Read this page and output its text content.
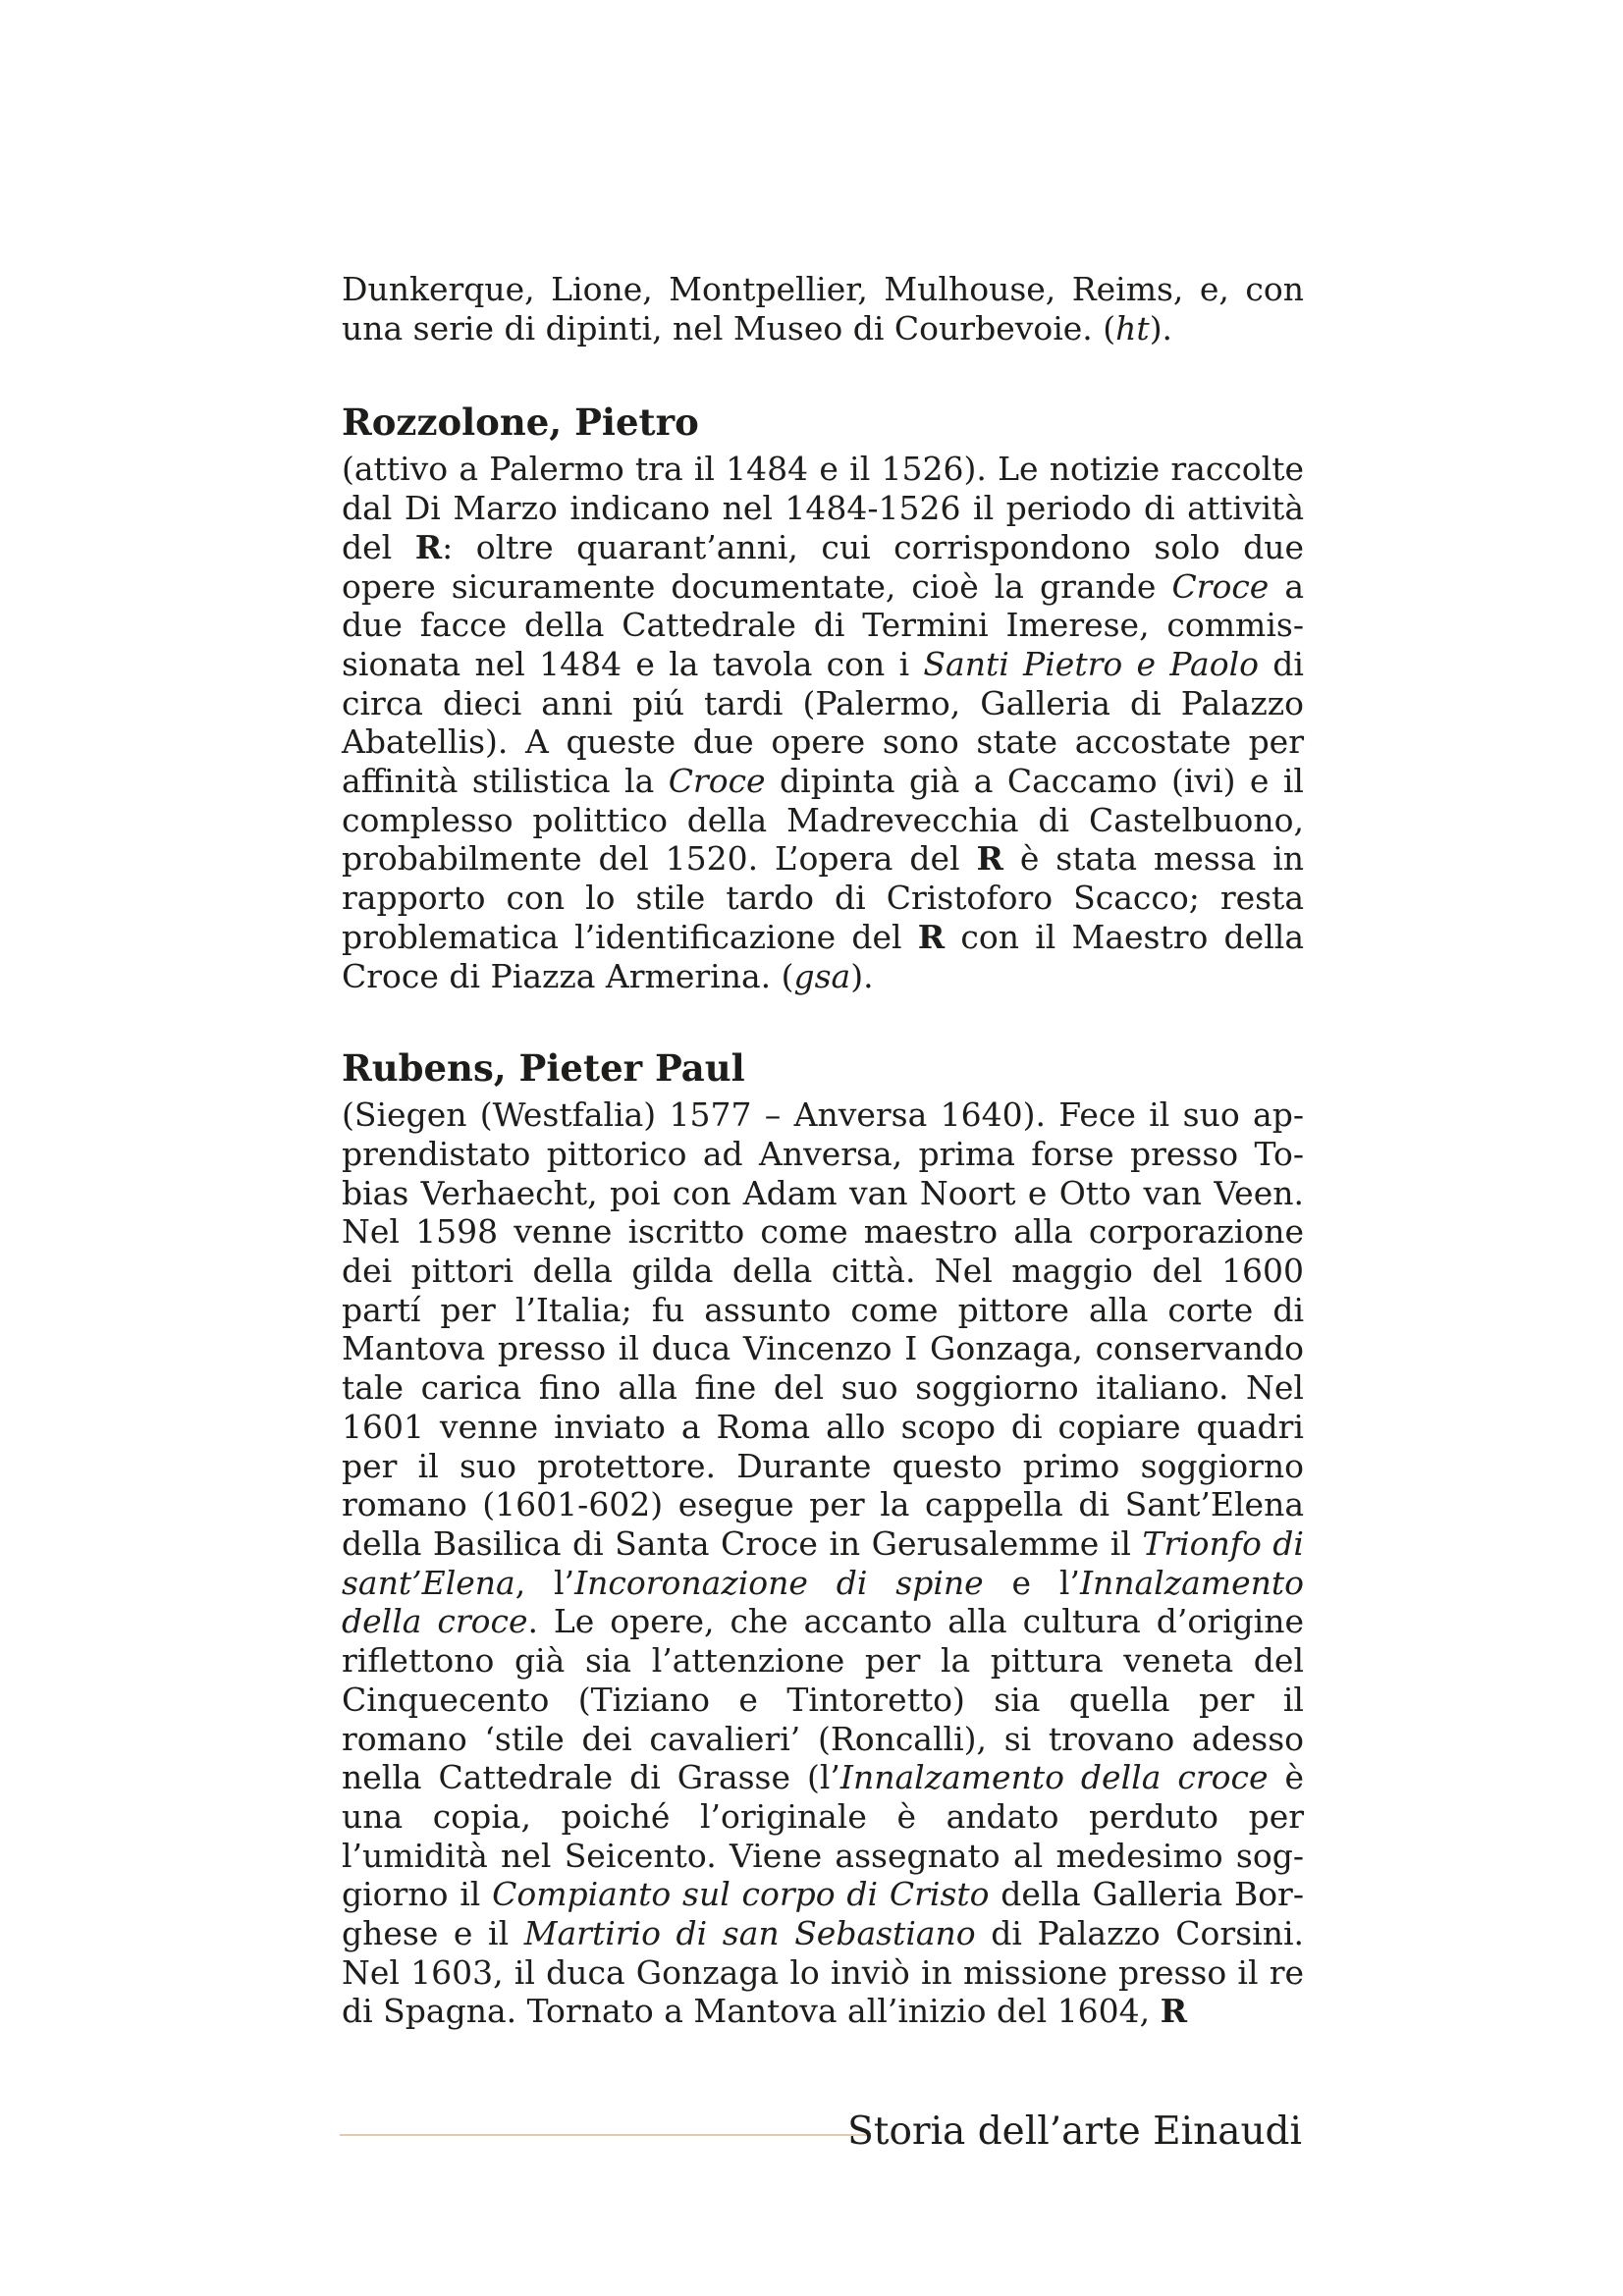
Dunkerque, Lione, Montpellier, Mulhouse, Reims, e, con una serie di dipinti, nel Museo di Courbevoie. (ht).

Rozzolone, Pietro

(attivo a Palermo tra il 1484 e il 1526). Le notizie raccolte dal Di Marzo indicano nel 1484-1526 il periodo di attività del R: oltre quarant’anni, cui corrispondono solo due opere sicuramente documentate, cioè la grande Croce a due facce della Cattedrale di Termini Imerese, commissionata nel 1484 e la tavola con i Santi Pietro e Paolo di circa dieci anni piú tardi (Palermo, Galleria di Palazzo Abatellis). A queste due opere sono state accostate per affinità stilistica la Croce dipinta già a Caccamo (ivi) e il complesso polittico della Madrevecchia di Castelbuono, probabilmente del 1520. L’opera del R è stata messa in rapporto con lo stile tardo di Cristoforo Scacco; resta problematica l’identificazione del R con il Maestro della Croce di Piazza Armerina. (gsa).

Rubens, Pieter Paul

(Siegen (Westfalia) 1577 – Anversa 1640). Fece il suo apprendistato pittorico ad Anversa, prima forse presso Tobias Verhaecht, poi con Adam van Noort e Otto van Veen. Nel 1598 venne iscritto come maestro alla corporazione dei pittori della gilda della città. Nel maggio del 1600 partí per l’Italia; fu assunto come pittore alla corte di Mantova presso il duca Vincenzo I Gonzaga, conservando tale carica fino alla fine del suo soggiorno italiano. Nel 1601 venne inviato a Roma allo scopo di copiare quadri per il suo protettore. Durante questo primo soggiorno romano (1601-602) esegue per la cappella di Sant’Elena della Basilica di Santa Croce in Gerusalemme il Trionfo di sant’Elena, l’Incoronazione di spine e l’Innalzamento della croce. Le opere, che accanto alla cultura d’origine riflettono già sia l’attenzione per la pittura veneta del Cinquecento (Tiziano e Tintoretto) sia quella per il romano ‘stile dei cavalieri’ (Roncalli), si trovano adesso nella Cattedrale di Grasse (l’Innalzamento della croce è una copia, poiché l’originale è andato perduto per l’umidità nel Seicento. Viene assegnato al medesimo soggiorno il Compianto sul corpo di Cristo della Galleria Borghese e il Martirio di san Sebastiano di Palazzo Corsini. Nel 1603, il duca Gonzaga lo inviò in missione presso il re di Spagna. Tornato a Mantova all’inizio del 1604, R

Storia dell’arte Einaudi
